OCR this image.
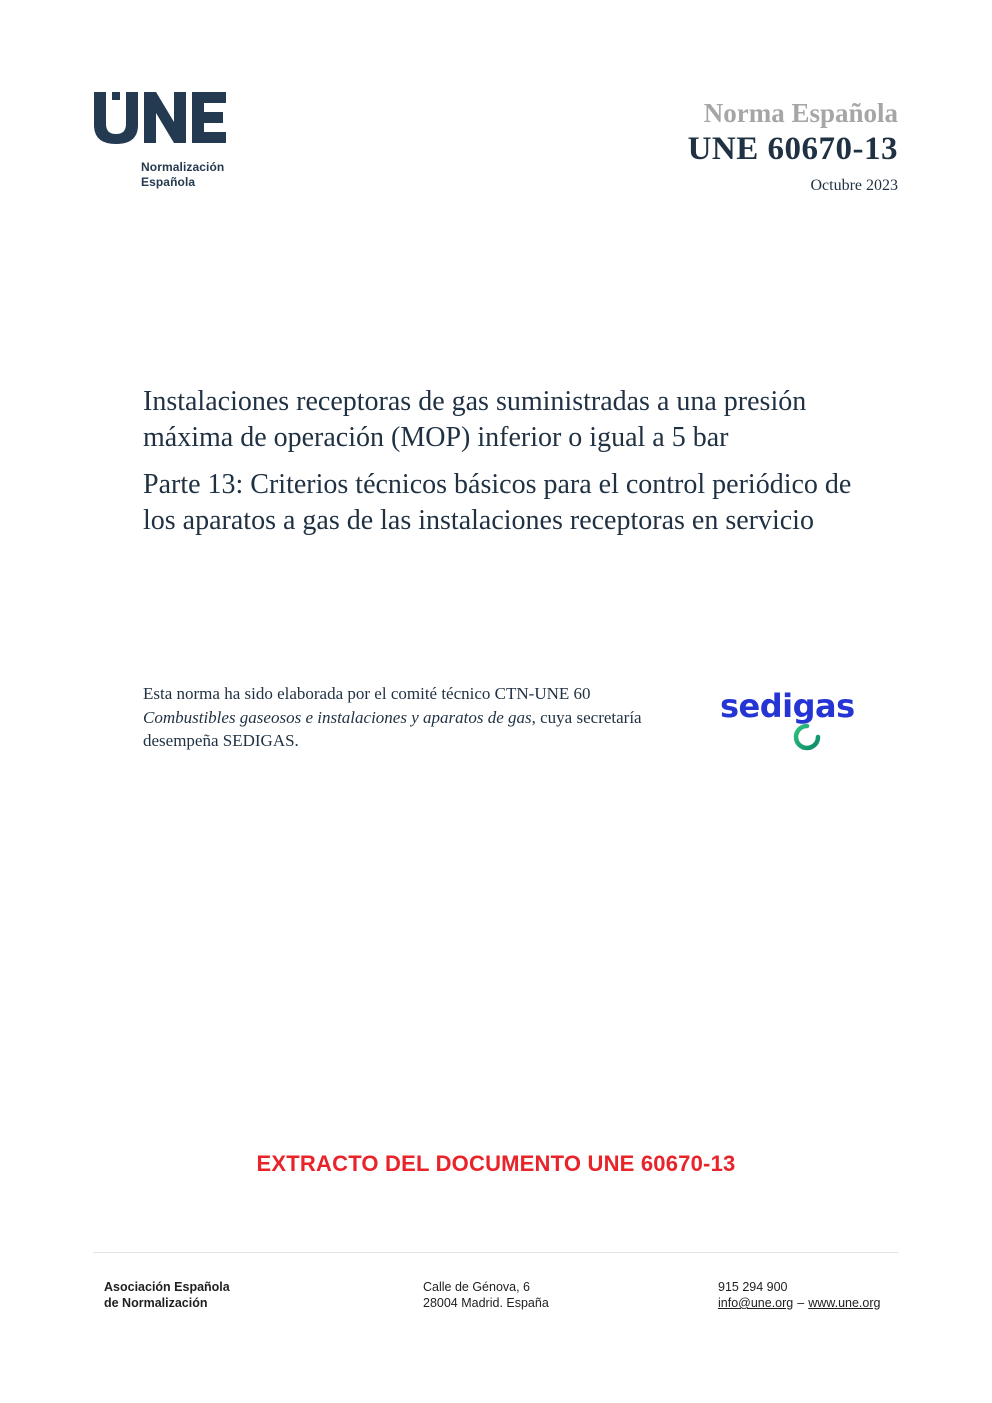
Normalización
Española
Norma Española
UNE 60670-13
Octubre 2023

Instalaciones receptoras de gas suministradas a una presión máxima de operación (MOP) inferior o igual a 5 bar

Parte 13: Criterios técnicos básicos para el control periódico de los aparatos a gas de las instalaciones receptoras en servicio

Esta norma ha sido elaborada por el comité técnico CTN-UNE 60 Combustibles gaseosos e instalaciones y aparatos de gas, cuya secretaría desempeña SEDIGAS.

sedigas
EXTRACTO DEL DOCUMENTO UNE 60670-13
Asociación Española
de Normalización
Calle de Génova, 6
28004 Madrid. España
915 294 900
info@une.org – www.une.org
